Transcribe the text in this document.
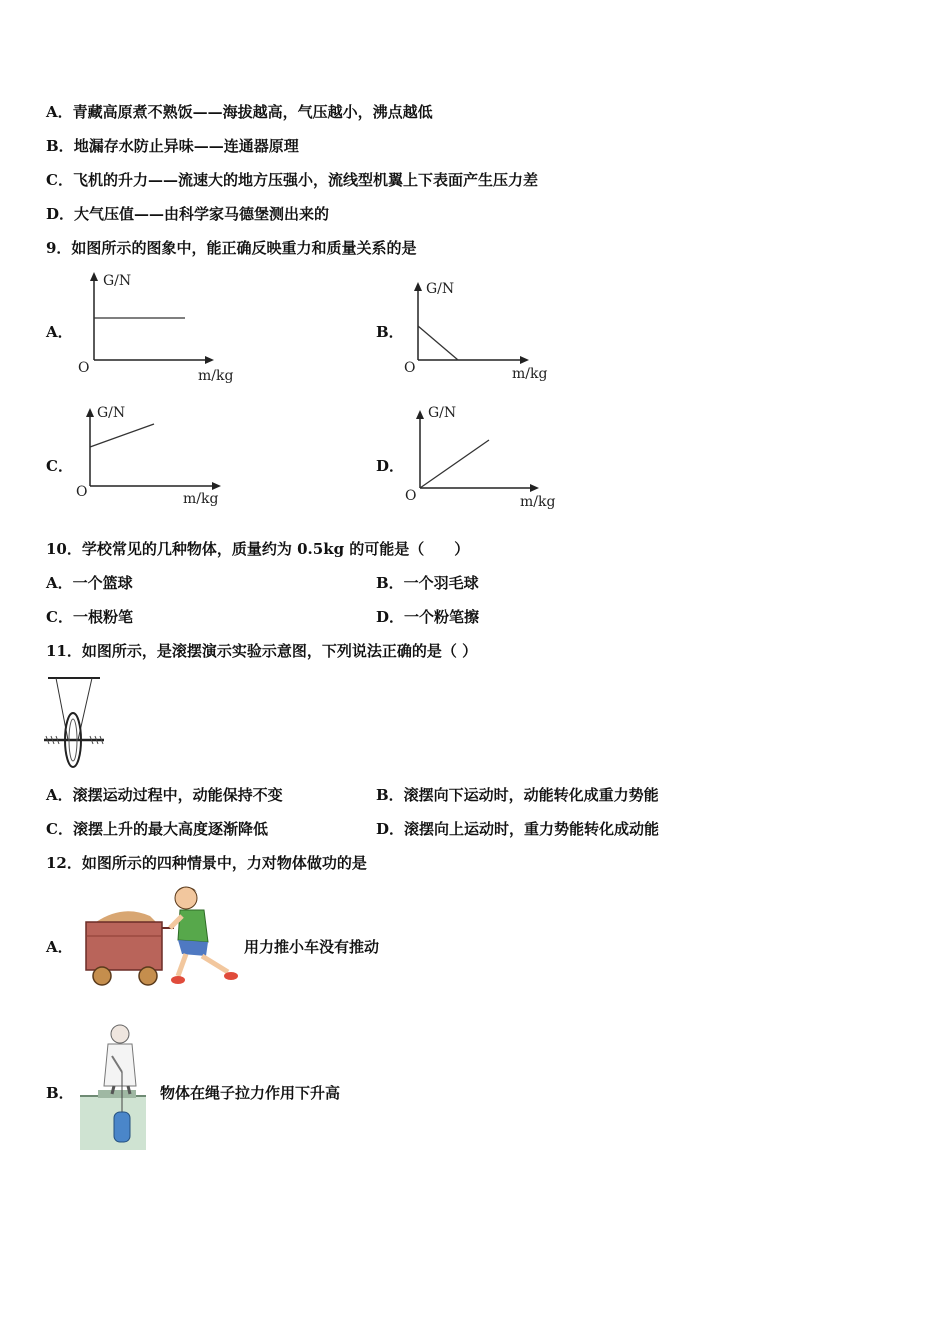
A．青藏高原煮不熟饭——海拔越高，气压越小，沸点越低
B．地漏存水防止异味——连通器原理
C．飞机的升力——流速大的地方压强小，流线型机翼上下表面产生压力差
D．大气压值——由科学家马德堡测出来的
9．如图所示的图象中，能正确反映重力和质量关系的是
A．
G/N
O	m/kg
B．
G/N
O	m/kg
C．
G/N
O	m/kg
D．
G/N
O	m/kg
10．学校常见的几种物体，质量约为 0.5kg 的可能是（　　）
A．一个篮球	B．一个羽毛球
C．一根粉笔	D．一个粉笔擦
11．如图所示，是滚摆演示实验示意图，下列说法正确的是（ ）
A．滚摆运动过程中，动能保持不变	B．滚摆向下运动时，动能转化成重力势能
C．滚摆上升的最大高度逐渐降低	D．滚摆向上运动时，重力势能转化成动能
12．如图所示的四种情景中，力对物体做功的是
A．	用力推小车没有推动
B．	物体在绳子拉力作用下升高
